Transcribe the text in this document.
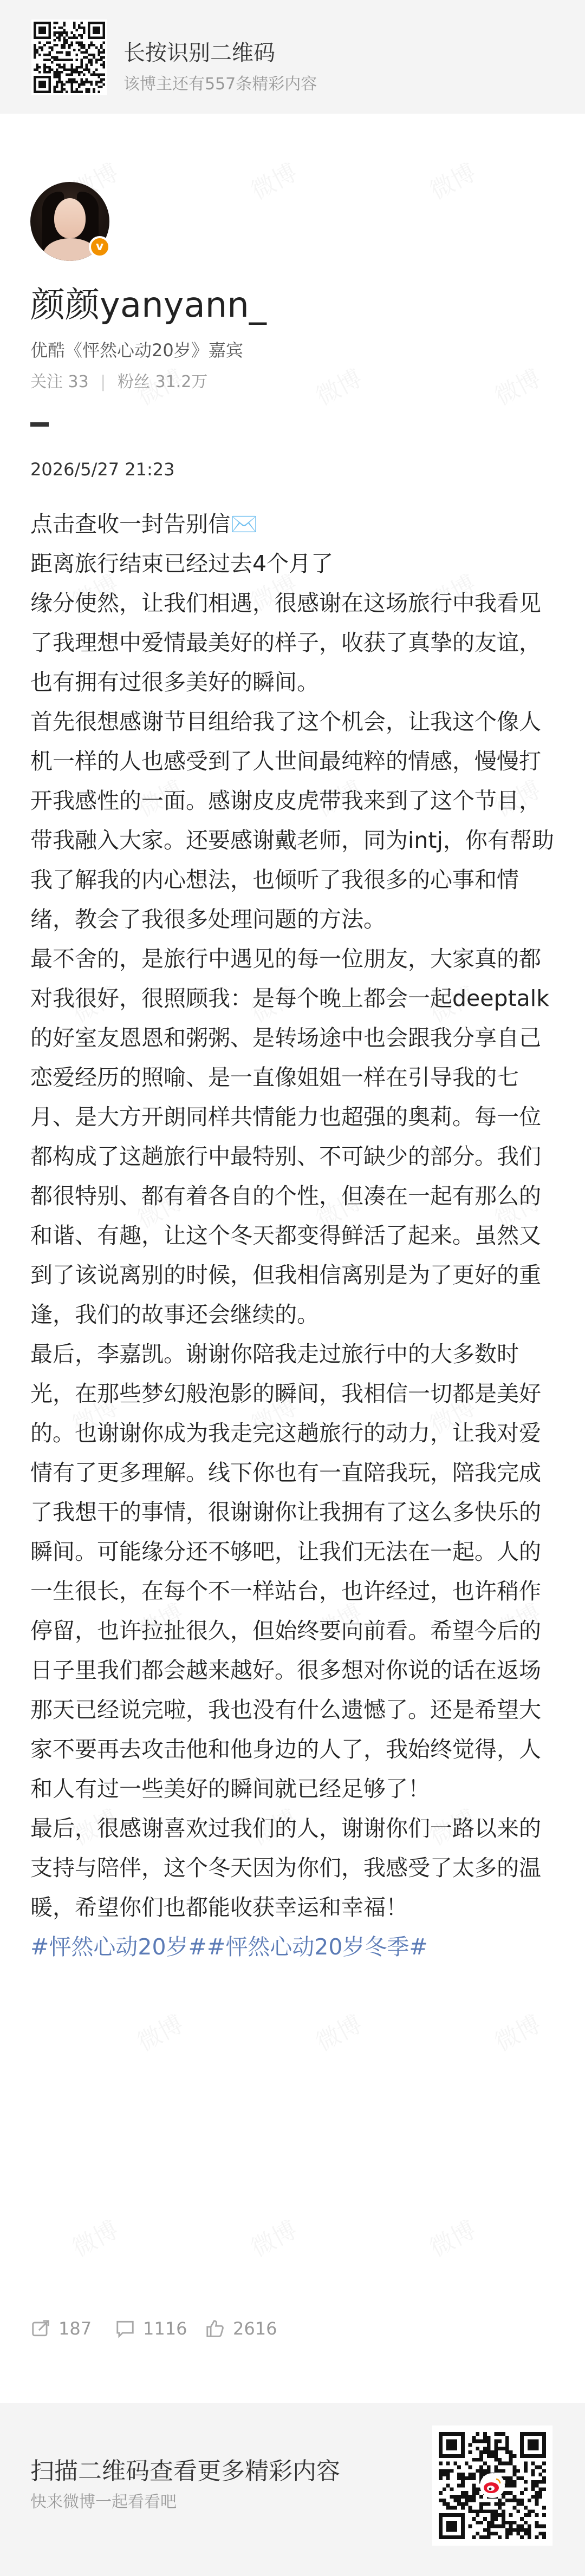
长按识别二维码
该博主还有557条精彩内容
v
颜颜yanyann_
优酷《怦然心动20岁》嘉宾
关注 33 | 粉丝 31.2万
2026/5/27 21:23

点击查收一封告别信✉️

距离旅行结束已经过去4个月了

缘分使然，让我们相遇，很感谢在这场旅行中我看见了我理想中爱情最美好的样子，收获了真挚的友谊，也有拥有过很多美好的瞬间。

首先很想感谢节目组给我了这个机会，让我这个像人机一样的人也感受到了人世间最纯粹的情感，慢慢打开我感性的一面。感谢皮皮虎带我来到了这个节目，带我融入大家。还要感谢戴老师，同为intj，你有帮助我了解我的内心想法，也倾听了我很多的心事和情绪，教会了我很多处理问题的方法。

最不舍的，是旅行中遇见的每一位朋友，大家真的都对我很好，很照顾我：是每个晚上都会一起deeptalk的好室友恩恩和粥粥、是转场途中也会跟我分享自己恋爱经历的照喻、是一直像姐姐一样在引导我的七月、是大方开朗同样共情能力也超强的奥莉。每一位都构成了这趟旅行中最特别、不可缺少的部分。我们都很特别、都有着各自的个性，但凑在一起有那么的和谐、有趣，让这个冬天都变得鲜活了起来。虽然又到了该说离别的时候，但我相信离别是为了更好的重逢，我们的故事还会继续的。

最后，李嘉凯。谢谢你陪我走过旅行中的大多数时光，在那些梦幻般泡影的瞬间，我相信一切都是美好的。也谢谢你成为我走完这趟旅行的动力，让我对爱情有了更多理解。线下你也有一直陪我玩，陪我完成了我想干的事情，很谢谢你让我拥有了这么多快乐的瞬间。可能缘分还不够吧，让我们无法在一起。人的一生很长，在每个不一样站台，也许经过，也许稍作停留，也许拉扯很久，但始终要向前看。希望今后的日子里我们都会越来越好。很多想对你说的话在返场那天已经说完啦，我也没有什么遗憾了。还是希望大家不要再去攻击他和他身边的人了，我始终觉得，人和人有过一些美好的瞬间就已经足够了！

最后，很感谢喜欢过我们的人，谢谢你们一路以来的支持与陪伴，这个冬天因为你们，我感受了太多的温暖，希望你们也都能收获幸运和幸福！

#怦然心动20岁##怦然心动20岁冬季#

187	1116	2616
扫描二维码查看更多精彩内容
快来微博一起看看吧
